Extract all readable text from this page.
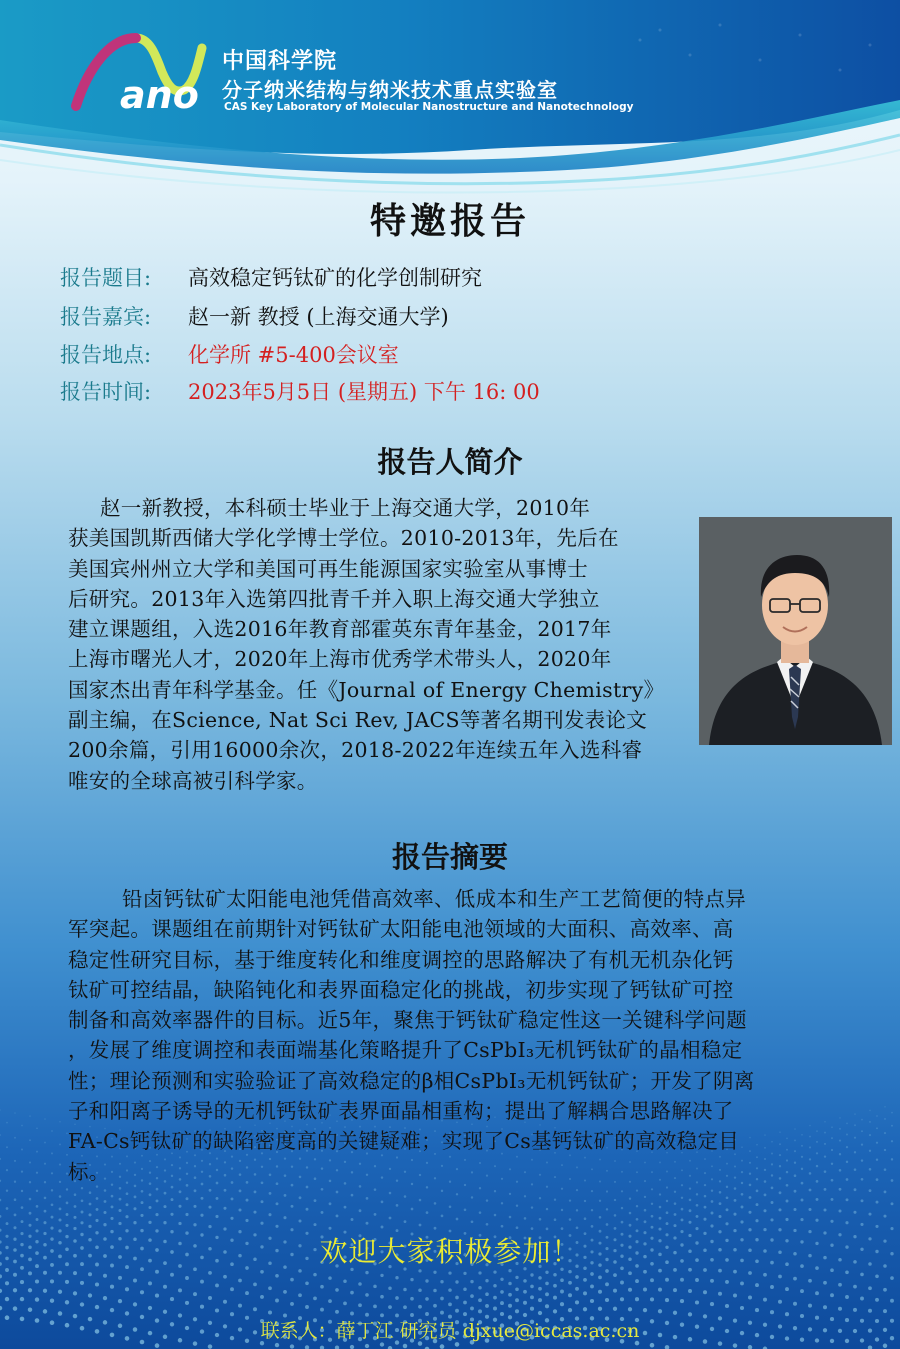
ano

中国科学院

分子纳米结构与纳米技术重点实验室

CAS Key Laboratory of Molecular Nanostructure and Nanotechnology

特邀报告
报告题目: 高效稳定钙钛矿的化学创制研究
报告嘉宾: 赵一新 教授 (上海交通大学)
报告地点: 化学所 #5-400会议室
报告时间: 2023年5月5日 (星期五) 下午 16: 00
报告人简介
赵一新教授，本科硕士毕业于上海交通大学，2010年
获美国凯斯西储大学化学博士学位。2010-2013年，先后在
美国宾州州立大学和美国可再生能源国家实验室从事博士
后研究。2013年入选第四批青千并入职上海交通大学独立
建立课题组，入选2016年教育部霍英东青年基金，2017年
上海市曙光人才，2020年上海市优秀学术带头人，2020年
国家杰出青年科学基金。任《Journal of Energy Chemistry》
副主编，在Science, Nat Sci Rev, JACS等著名期刊发表论文
200余篇，引用16000余次，2018-2022年连续五年入选科睿
唯安的全球高被引科学家。
报告摘要
铅卤钙钛矿太阳能电池凭借高效率、低成本和生产工艺简便的特点异
军突起。课题组在前期针对钙钛矿太阳能电池领域的大面积、高效率、高
稳定性研究目标，基于维度转化和维度调控的思路解决了有机无机杂化钙
钛矿可控结晶，缺陷钝化和表界面稳定化的挑战，初步实现了钙钛矿可控
制备和高效率器件的目标。近5年，聚焦于钙钛矿稳定性这一关键科学问题
，发展了维度调控和表面端基化策略提升了CsPbI₃无机钙钛矿的晶相稳定
性；理论预测和实验验证了高效稳定的β相CsPbI₃无机钙钛矿；开发了阴离
子和阳离子诱导的无机钙钛矿表界面晶相重构；提出了解耦合思路解决了
FA-Cs钙钛矿的缺陷密度高的关键疑难；实现了Cs基钙钛矿的高效稳定目
标。

欢迎大家积极参加！

联系人：薛丁江 研究员 djxue@iccas.ac.cn
